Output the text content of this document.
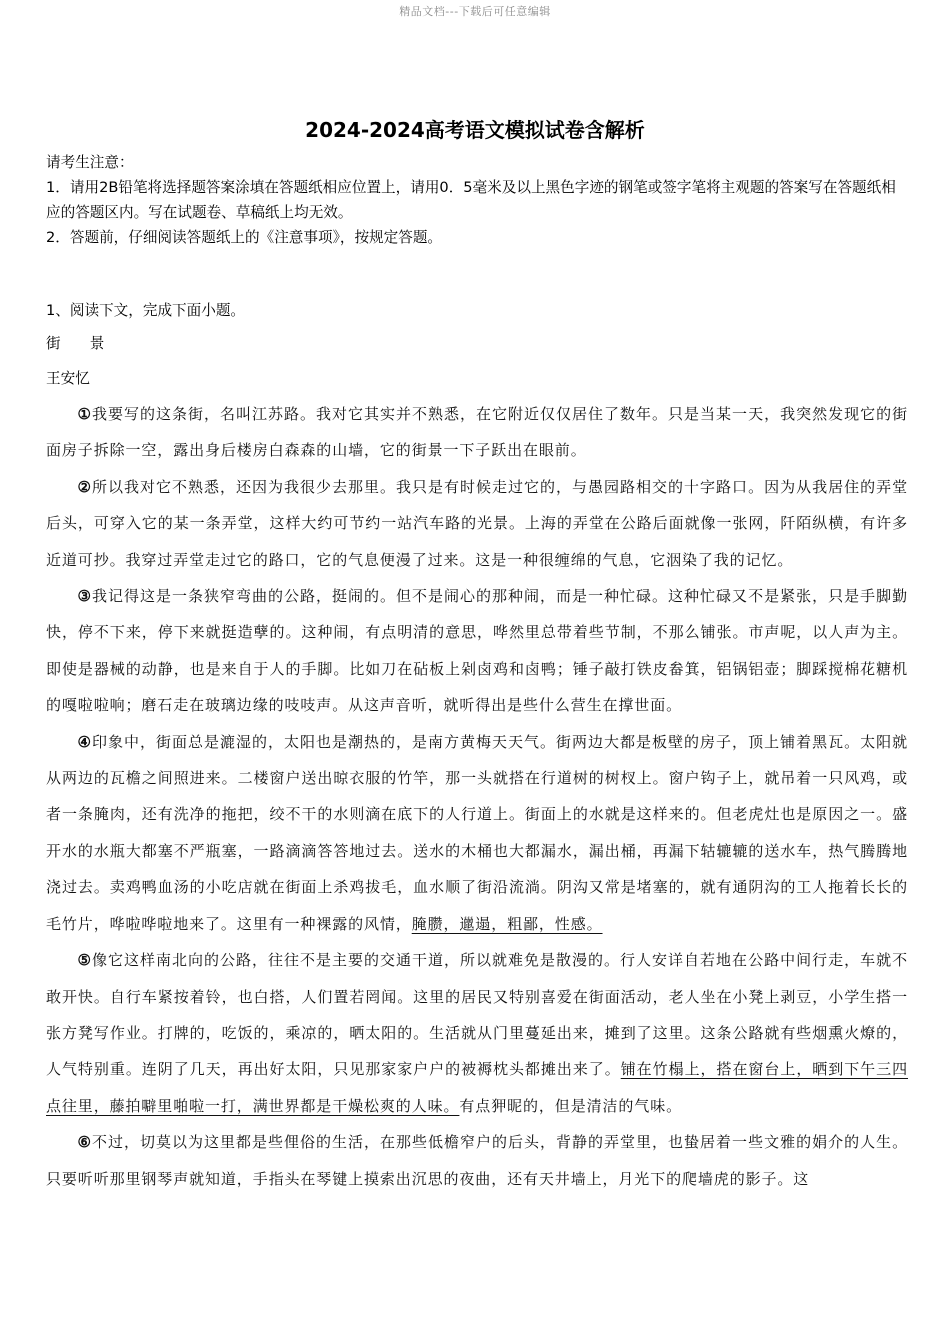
精品文档---下载后可任意编辑
2024-2024高考语文模拟试卷含解析

请考生注意：

1．请用2B铅笔将选择题答案涂填在答题纸相应位置上，请用0．5毫米及以上黑色字迹的钢笔或签字笔将主观题的答案写在答题纸相应的答题区内。写在试题卷、草稿纸上均无效。

2．答题前，仔细阅读答题纸上的《注意事项》，按规定答题。

1、阅读下文，完成下面小题。
街　　景
王安忆

①我要写的这条街，名叫江苏路。我对它其实并不熟悉，在它附近仅仅居住了数年。只是当某一天，我突然发现它的街面房子拆除一空，露出身后楼房白森森的山墙，它的街景一下子跃出在眼前。

②所以我对它不熟悉，还因为我很少去那里。我只是有时候走过它的，与愚园路相交的十字路口。因为从我居住的弄堂后头，可穿入它的某一条弄堂，这样大约可节约一站汽车路的光景。上海的弄堂在公路后面就像一张网，阡陌纵横，有许多近道可抄。我穿过弄堂走过它的路口，它的气息便漫了过来。这是一种很缠绵的气息，它洇染了我的记忆。

③我记得这是一条狭窄弯曲的公路，挺闹的。但不是闹心的那种闹，而是一种忙碌。这种忙碌又不是紧张，只是手脚勤快，停不下来，停下来就挺造孽的。这种闹，有点明清的意思，哗然里总带着些节制，不那么铺张。市声呢，以人声为主。即使是器械的动静，也是来自于人的手脚。比如刀在砧板上剁卤鸡和卤鸭；锤子敲打铁皮畚箕，铝锅铝壶；脚踩搅棉花糖机的嘎啦啦响；磨石走在玻璃边缘的吱吱声。从这声音听，就听得出是些什么营生在撑世面。

④印象中，街面总是漉湿的，太阳也是潮热的，是南方黄梅天天气。街两边大都是板壁的房子，顶上铺着黑瓦。太阳就从两边的瓦檐之间照进来。二楼窗户送出晾衣服的竹竿，那一头就搭在行道树的树杈上。窗户钩子上，就吊着一只风鸡，或者一条腌肉，还有洗净的拖把，绞不干的水则滴在底下的人行道上。街面上的水就是这样来的。但老虎灶也是原因之一。盛开水的水瓶大都塞不严瓶塞，一路滴滴答答地过去。送水的木桶也大都漏水，漏出桶，再漏下轱辘辘的送水车，热气腾腾地浇过去。卖鸡鸭血汤的小吃店就在街面上杀鸡拔毛，血水顺了街沿流淌。阴沟又常是堵塞的，就有通阴沟的工人拖着长长的毛竹片，哗啦哗啦地来了。这里有一种裸露的风情，腌臜，邋遢，粗鄙，性感。

⑤像它这样南北向的公路，往往不是主要的交通干道，所以就难免是散漫的。行人安详自若地在公路中间行走，车就不敢开快。自行车紧按着铃，也白搭，人们置若罔闻。这里的居民又特别喜爱在街面活动，老人坐在小凳上剥豆，小学生搭一张方凳写作业。打牌的，吃饭的，乘凉的，晒太阳的。生活就从门里蔓延出来，摊到了这里。这条公路就有些烟熏火燎的，人气特别重。连阴了几天，再出好太阳，只见那家家户户的被褥枕头都摊出来了。铺在竹榻上，搭在窗台上，晒到下午三四点往里，藤拍噼里啪啦一打，满世界都是干燥松爽的人味。有点狎昵的，但是清洁的气味。

⑥不过，切莫以为这里都是些俚俗的生活，在那些低檐窄户的后头，背静的弄堂里，也蛰居着一些文雅的娟介的人生。只要听听那里钢琴声就知道，手指头在琴键上摸索出沉思的夜曲，还有天井墙上，月光下的爬墙虎的影子。这
